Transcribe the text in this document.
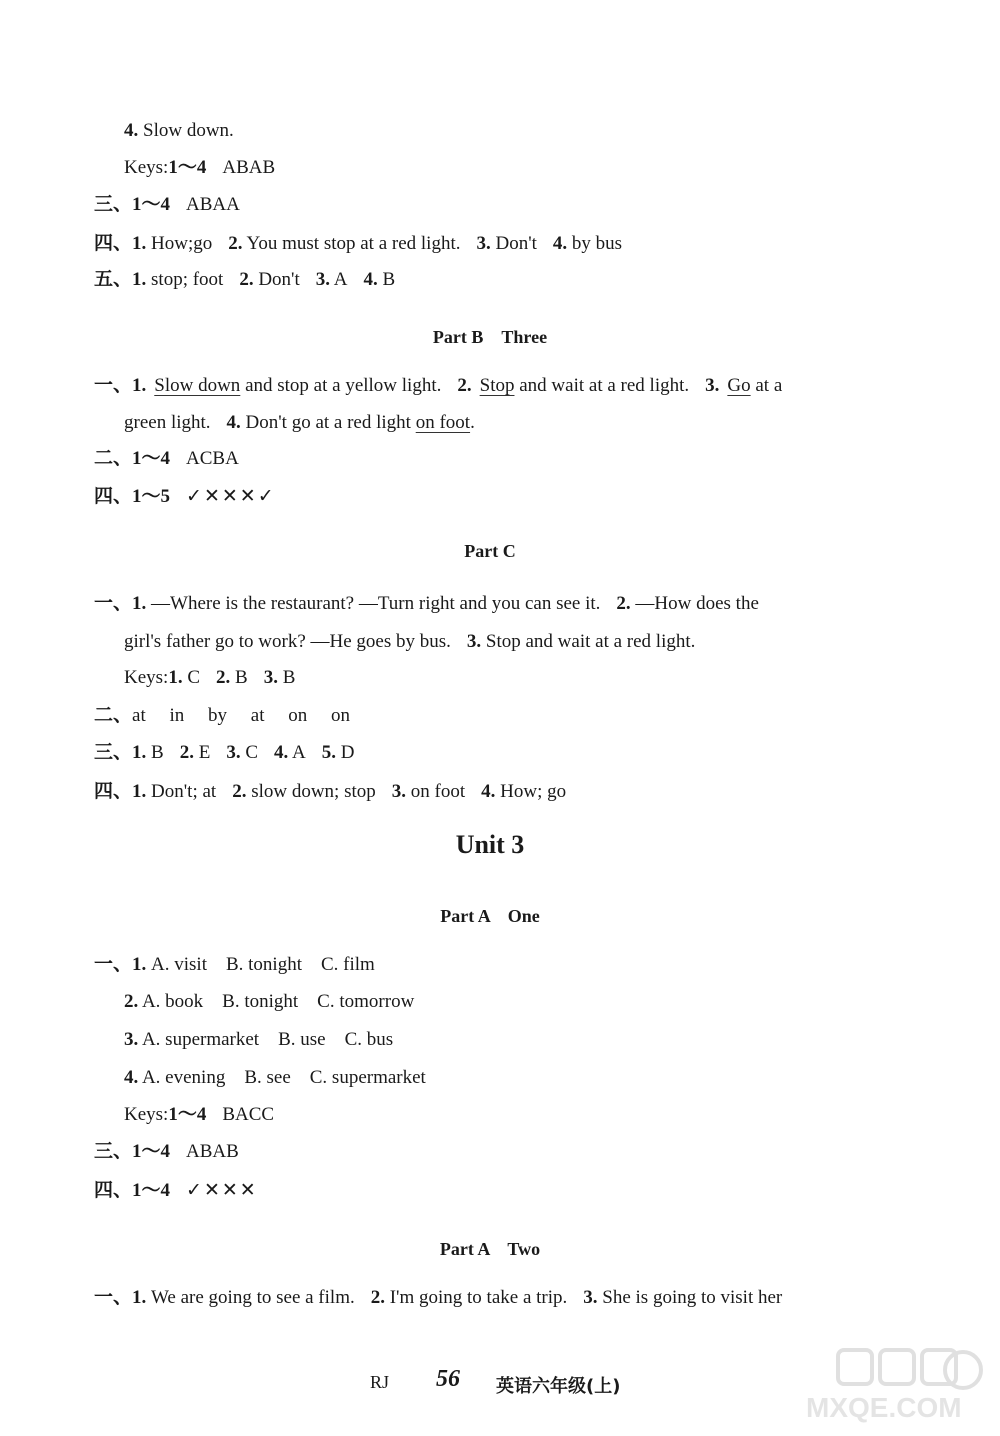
4. Slow down.
Keys:1～4 ABAB
三、1～4 ABAA
四、1. How;go 2. You must stop at a red light. 3. Don't 4. by bus
五、1. stop; foot 2. Don't 3. A 4. B
Part B　Three
一、1. Slow down and stop at a yellow light. 2. Stop and wait at a red light. 3. Go at a
green light. 4. Don't go at a red light on foot.
二、1～4 ACBA
四、1～5 ✓✕✕✕✓
Part C
一、1. —Where is the restaurant? —Turn right and you can see it. 2. —How does the
girl's father go to work? —He goes by bus. 3. Stop and wait at a red light.
Keys:1. C 2. B 3. B
二、at　 in　 by　 at　 on　 on
三、1. B 2. E 3. C 4. A 5. D
四、1. Don't; at 2. slow down; stop 3. on foot 4. How; go
Unit 3
Part A　One
一、1. A. visit　B. tonight　C. film
2. A. book　B. tonight　C. tomorrow
3. A. supermarket　B. use　C. bus
4. A. evening　B. see　C. supermarket
Keys:1～4 BACC
三、1～4 ABAB
四、1～4 ✓✕✕✕
Part A　Two
一、1. We are going to see a film. 2. I'm going to take a trip. 3. She is going to visit her
RJ 56 英语六年级(上)
MXQE.COM
